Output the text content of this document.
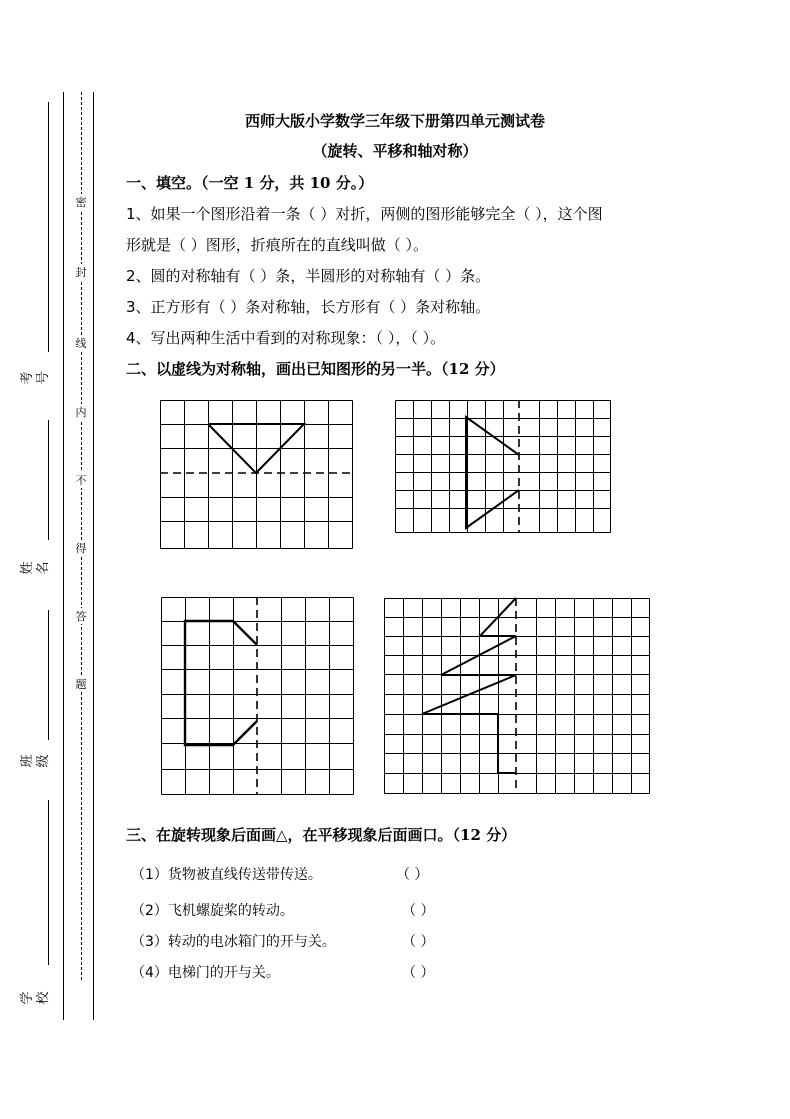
考号
姓名
班级
学校
密
封
线
内
不
得
答
题
西师大版小学数学三年级下册第四单元测试卷
（旋转、平移和轴对称）
一、填空。（一空 1 分，共 10 分。）
1、如果一个图形沿着一条（ ）对折，两侧的图形能够完全（ ），这个图
形就是（ ）图形，折痕所在的直线叫做（ ）。
2、圆的对称轴有（ ）条，半圆形的对称轴有（ ）条。
3、正方形有（ ）条对称轴，长方形有（ ）条对称轴。
4、写出两种生活中看到的对称现象：（ ），（ ）。
二、以虚线为对称轴，画出已知图形的另一半。（12 分）
三、在旋转现象后面画△，在平移现象后面画口。（12 分）
（1）货物被直线传送带传送。	（ ）
（2）飞机螺旋桨的转动。	（ ）
（3）转动的电冰箱门的开与关。	（ ）
（4）电梯门的开与关。	（ ）
